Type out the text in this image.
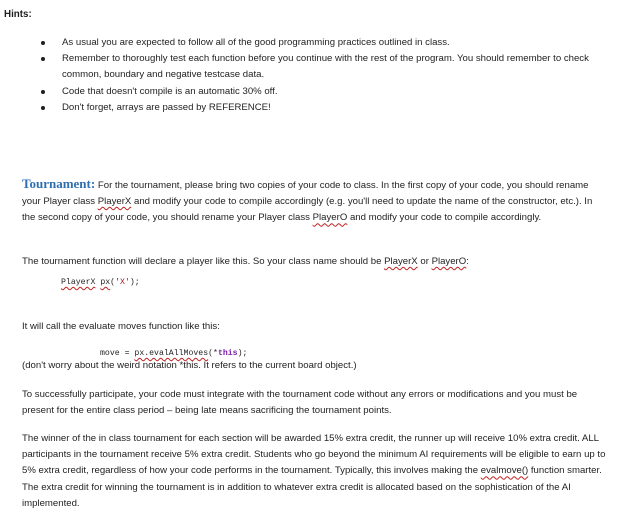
Hints:
As usual you are expected to follow all of the good programming practices outlined in class.
Remember to thoroughly test each function before you continue with the rest of the program. You should remember to check common, boundary and negative testcase data.
Code that doesn't compile is an automatic 30% off.
Don't forget, arrays are passed by REFERENCE!
Tournament: For the tournament, please bring two copies of your code to class. In the first copy of your code, you should rename your Player class PlayerX and modify your code to compile accordingly (e.g. you'll need to update the name of the constructor, etc.). In the second copy of your code, you should rename your Player class PlayerO and modify your code to compile accordingly.
The tournament function will declare a player like this. So your class name should be PlayerX or PlayerO:
PlayerX px('X');
It will call the evaluate moves function like this:
move = px.evalAllMoves(*this);
(don't worry about the weird notation *this. It refers to the current board object.)
To successfully participate, your code must integrate with the tournament code without any errors or modifications and you must be present for the entire class period – being late means sacrificing the tournament points.
The winner of the in class tournament for each section will be awarded 15% extra credit, the runner up will receive 10% extra credit. ALL participants in the tournament receive 5% extra credit. Students who go beyond the minimum AI requirements will be eligible to earn up to 5% extra credit, regardless of how your code performs in the tournament. Typically, this involves making the evalmove() function smarter. The extra credit for winning the tournament is in addition to whatever extra credit is allocated based on the sophistication of the AI implemented.
